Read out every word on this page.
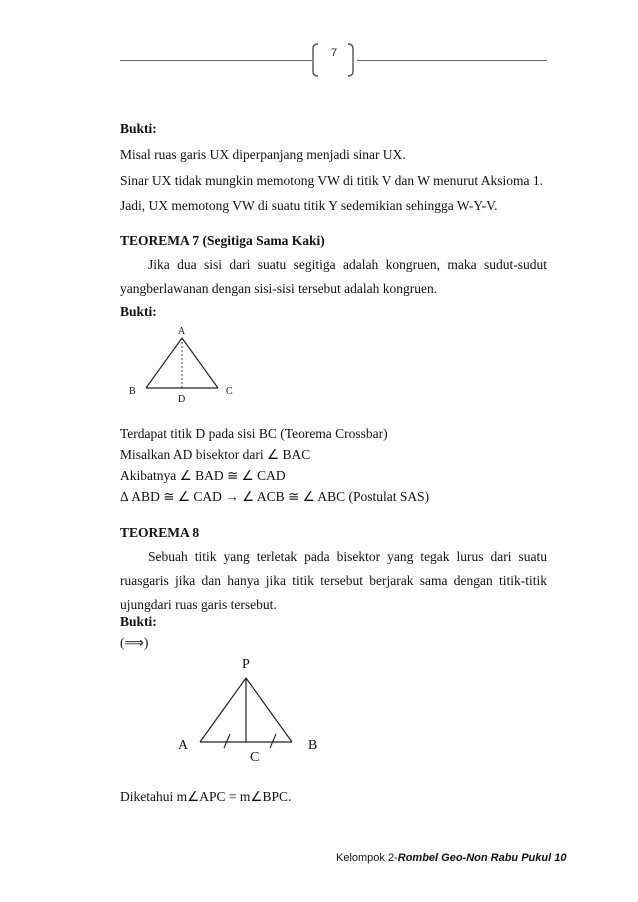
7
Bukti:
Misal ruas garis UX diperpanjang menjadi sinar UX.
Sinar UX tidak mungkin memotong VW di titik V dan W menurut Aksioma 1.
Jadi, UX memotong VW di suatu titik Y sedemikian sehingga W-Y-V.
TEOREMA 7 (Segitiga Sama Kaki)
Jika dua sisi dari suatu segitiga adalah kongruen, maka sudut-sudut yangberlawanan dengan sisi-sisi tersebut adalah kongruen.
Bukti:
A
B	C
D
Terdapat titik D pada sisi BC (Teorema Crossbar)
Misalkan AD bisektor dari ∠ BAC
Akibatnya ∠ BAD ≅ ∠ CAD
Δ ABD ≅ ∠ CAD → ∠ ACB ≅ ∠ ABC (Postulat SAS)
TEOREMA 8
Sebuah titik yang terletak pada bisektor yang tegak lurus dari suatu ruasgaris jika dan hanya jika titik tersebut berjarak sama dengan titik-titik ujungdari ruas garis tersebut.
Bukti:
(⟹)
P
A	B
C
Diketahui m∠APC = m∠BPC.
Kelompok 2-Rombel Geo-Non Rabu Pukul 10
